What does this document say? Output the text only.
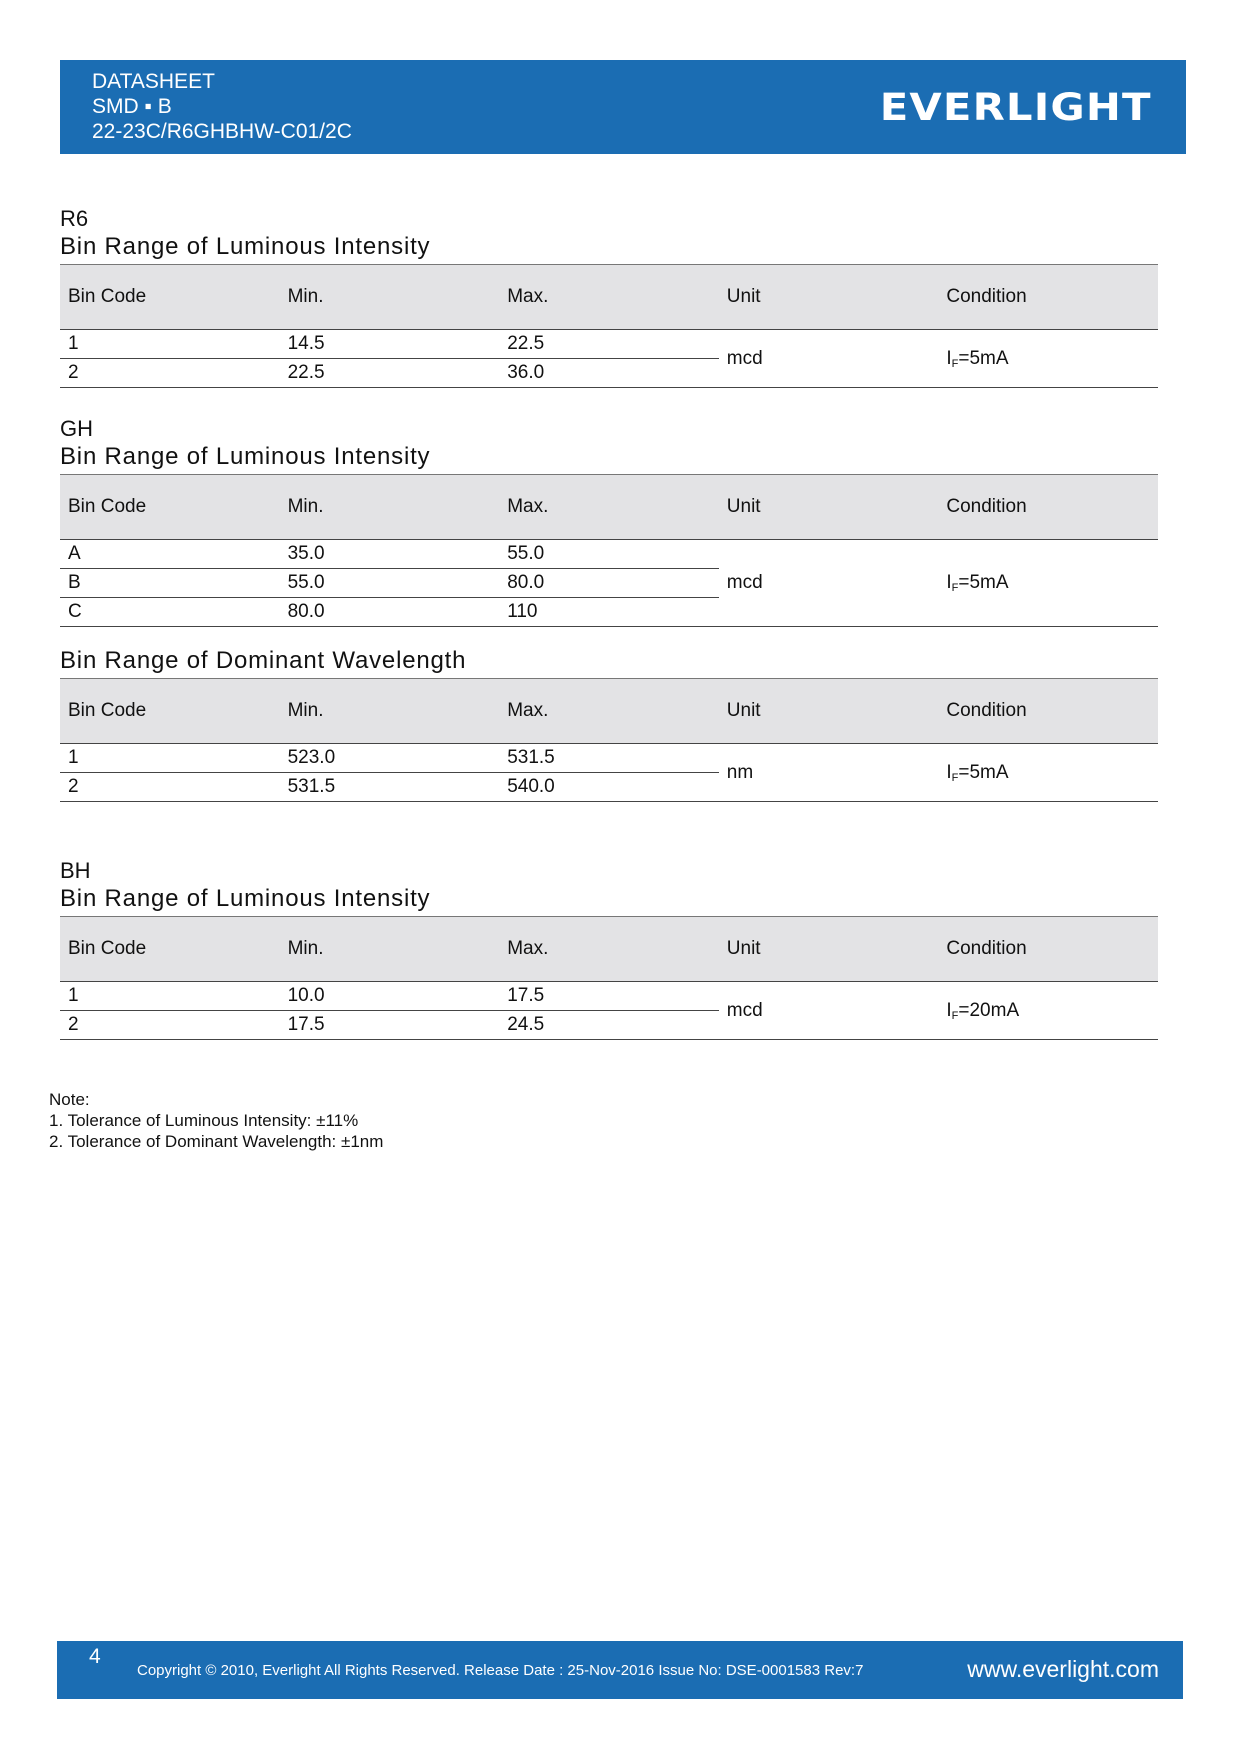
DATASHEET
SMD ▪ B
22-23C/R6GHBHW-C01/2C
EVERLIGHT
R6
Bin Range of Luminous Intensity
Bin Code	Min.	Max.	Unit	Condition
1	14.5	22.5	mcd	$I_F=5mA$
2	22.5	36.0		
GH
Bin Range of Luminous Intensity
Bin Code	Min.	Max.	Unit	Condition
A	35.0	55.0	mcd	$I_F=5mA$
B	55.0	80.0		
C	80.0	110		
Bin Range of Dominant Wavelength
Bin Code	Min.	Max.	Unit	Condition
1	523.0	531.5	nm	$I_F=5mA$
2	531.5	540.0		
BH
Bin Range of Luminous Intensity
Bin Code	Min.	Max.	Unit	Condition
1	10.0	17.5	mcd	$I_F=20mA$
2	17.5	24.5		
Note:
1. Tolerance of Luminous Intensity: ±11%
2. Tolerance of Dominant Wavelength: ±1nm
4
Copyright © 2010, Everlight All Rights Reserved. Release Date : 25-Nov-2016 Issue No: DSE-0001583 Rev:7	www.everlight.com
